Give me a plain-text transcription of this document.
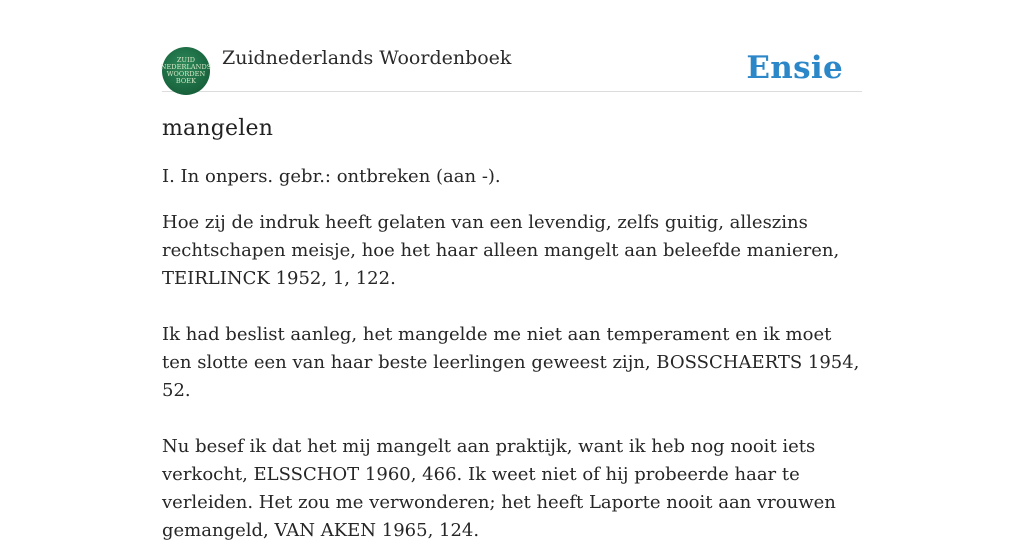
ZUID
NEDERLANDS
WOORDEN
BOEK
Zuidnederlands Woordenboek	Ensie
mangelen

I. In onpers. gebr.: ontbreken (aan -).

Hoe zij de indruk heeft gelaten van een levendig, zelfs guitig, alleszins rechtschapen meisje, hoe het haar alleen mangelt aan beleefde manieren, TEIRLINCK 1952, 1, 122.

Ik had beslist aanleg, het mangelde me niet aan temperament en ik moet ten slotte een van haar beste leerlingen geweest zijn, BOSSCHAERTS 1954, 52.

Nu besef ik dat het mij mangelt aan praktijk, want ik heb nog nooit iets verkocht, ELSSCHOT 1960, 466. Ik weet niet of hij probeerde haar te verleiden. Het zou me verwonderen; het heeft Laporte nooit aan vrouwen gemangeld, VAN AKEN 1965, 124.
